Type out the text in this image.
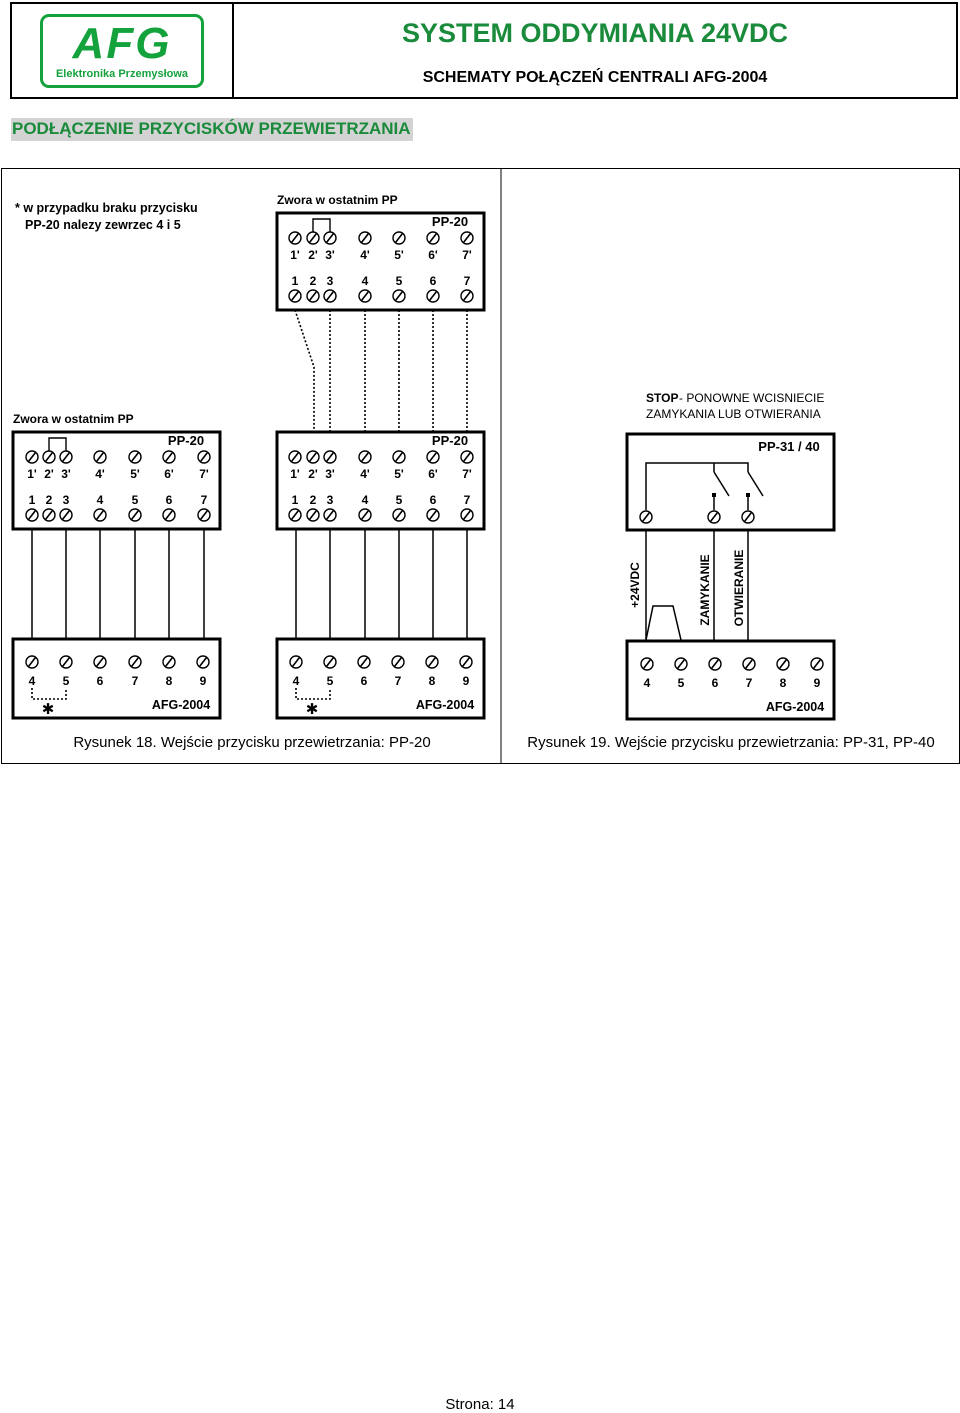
AFG
Elektronika Przemysłowa
SYSTEM ODDYMIANIA 24VDC
SCHEMATY POŁĄCZEŃ CENTRALI AFG-2004
PODŁĄCZENIE PRZYCISKÓW PRZEWIETRZANIA
* w przypadku braku przycisku
PP-20 nalezy zewrzec 4 i 5
Zwora w ostatnim PP
Zwora w ostatnim PP
PP-20
1'
1
2'
2
3'
3
4'
4
5'
5
6'
6
7'
7
PP-20
1'
1
2'
2
3'
3
4'
4
5'
5
6'
6
7'
7
PP-20
1'
1
2'
2
3'
3
4'
4
5'
5
6'
6
7'
7
4 5 6 7 8 9
AFG-2004
4 5 6 7 8 9
AFG-2004
✱	✱
STOP - PONOWNE WCISNIECIE
ZAMYKANIA LUB OTWIERANIA
PP-31 / 40
+24VDC	ZAMYKANIE OTWIERANIE
4 5 6 7 8 9
AFG-2004
Rysunek 18. Wejście przycisku przewietrzania: PP-20	Rysunek 19. Wejście przycisku przewietrzania: PP-31, PP-40
Strona: 14
